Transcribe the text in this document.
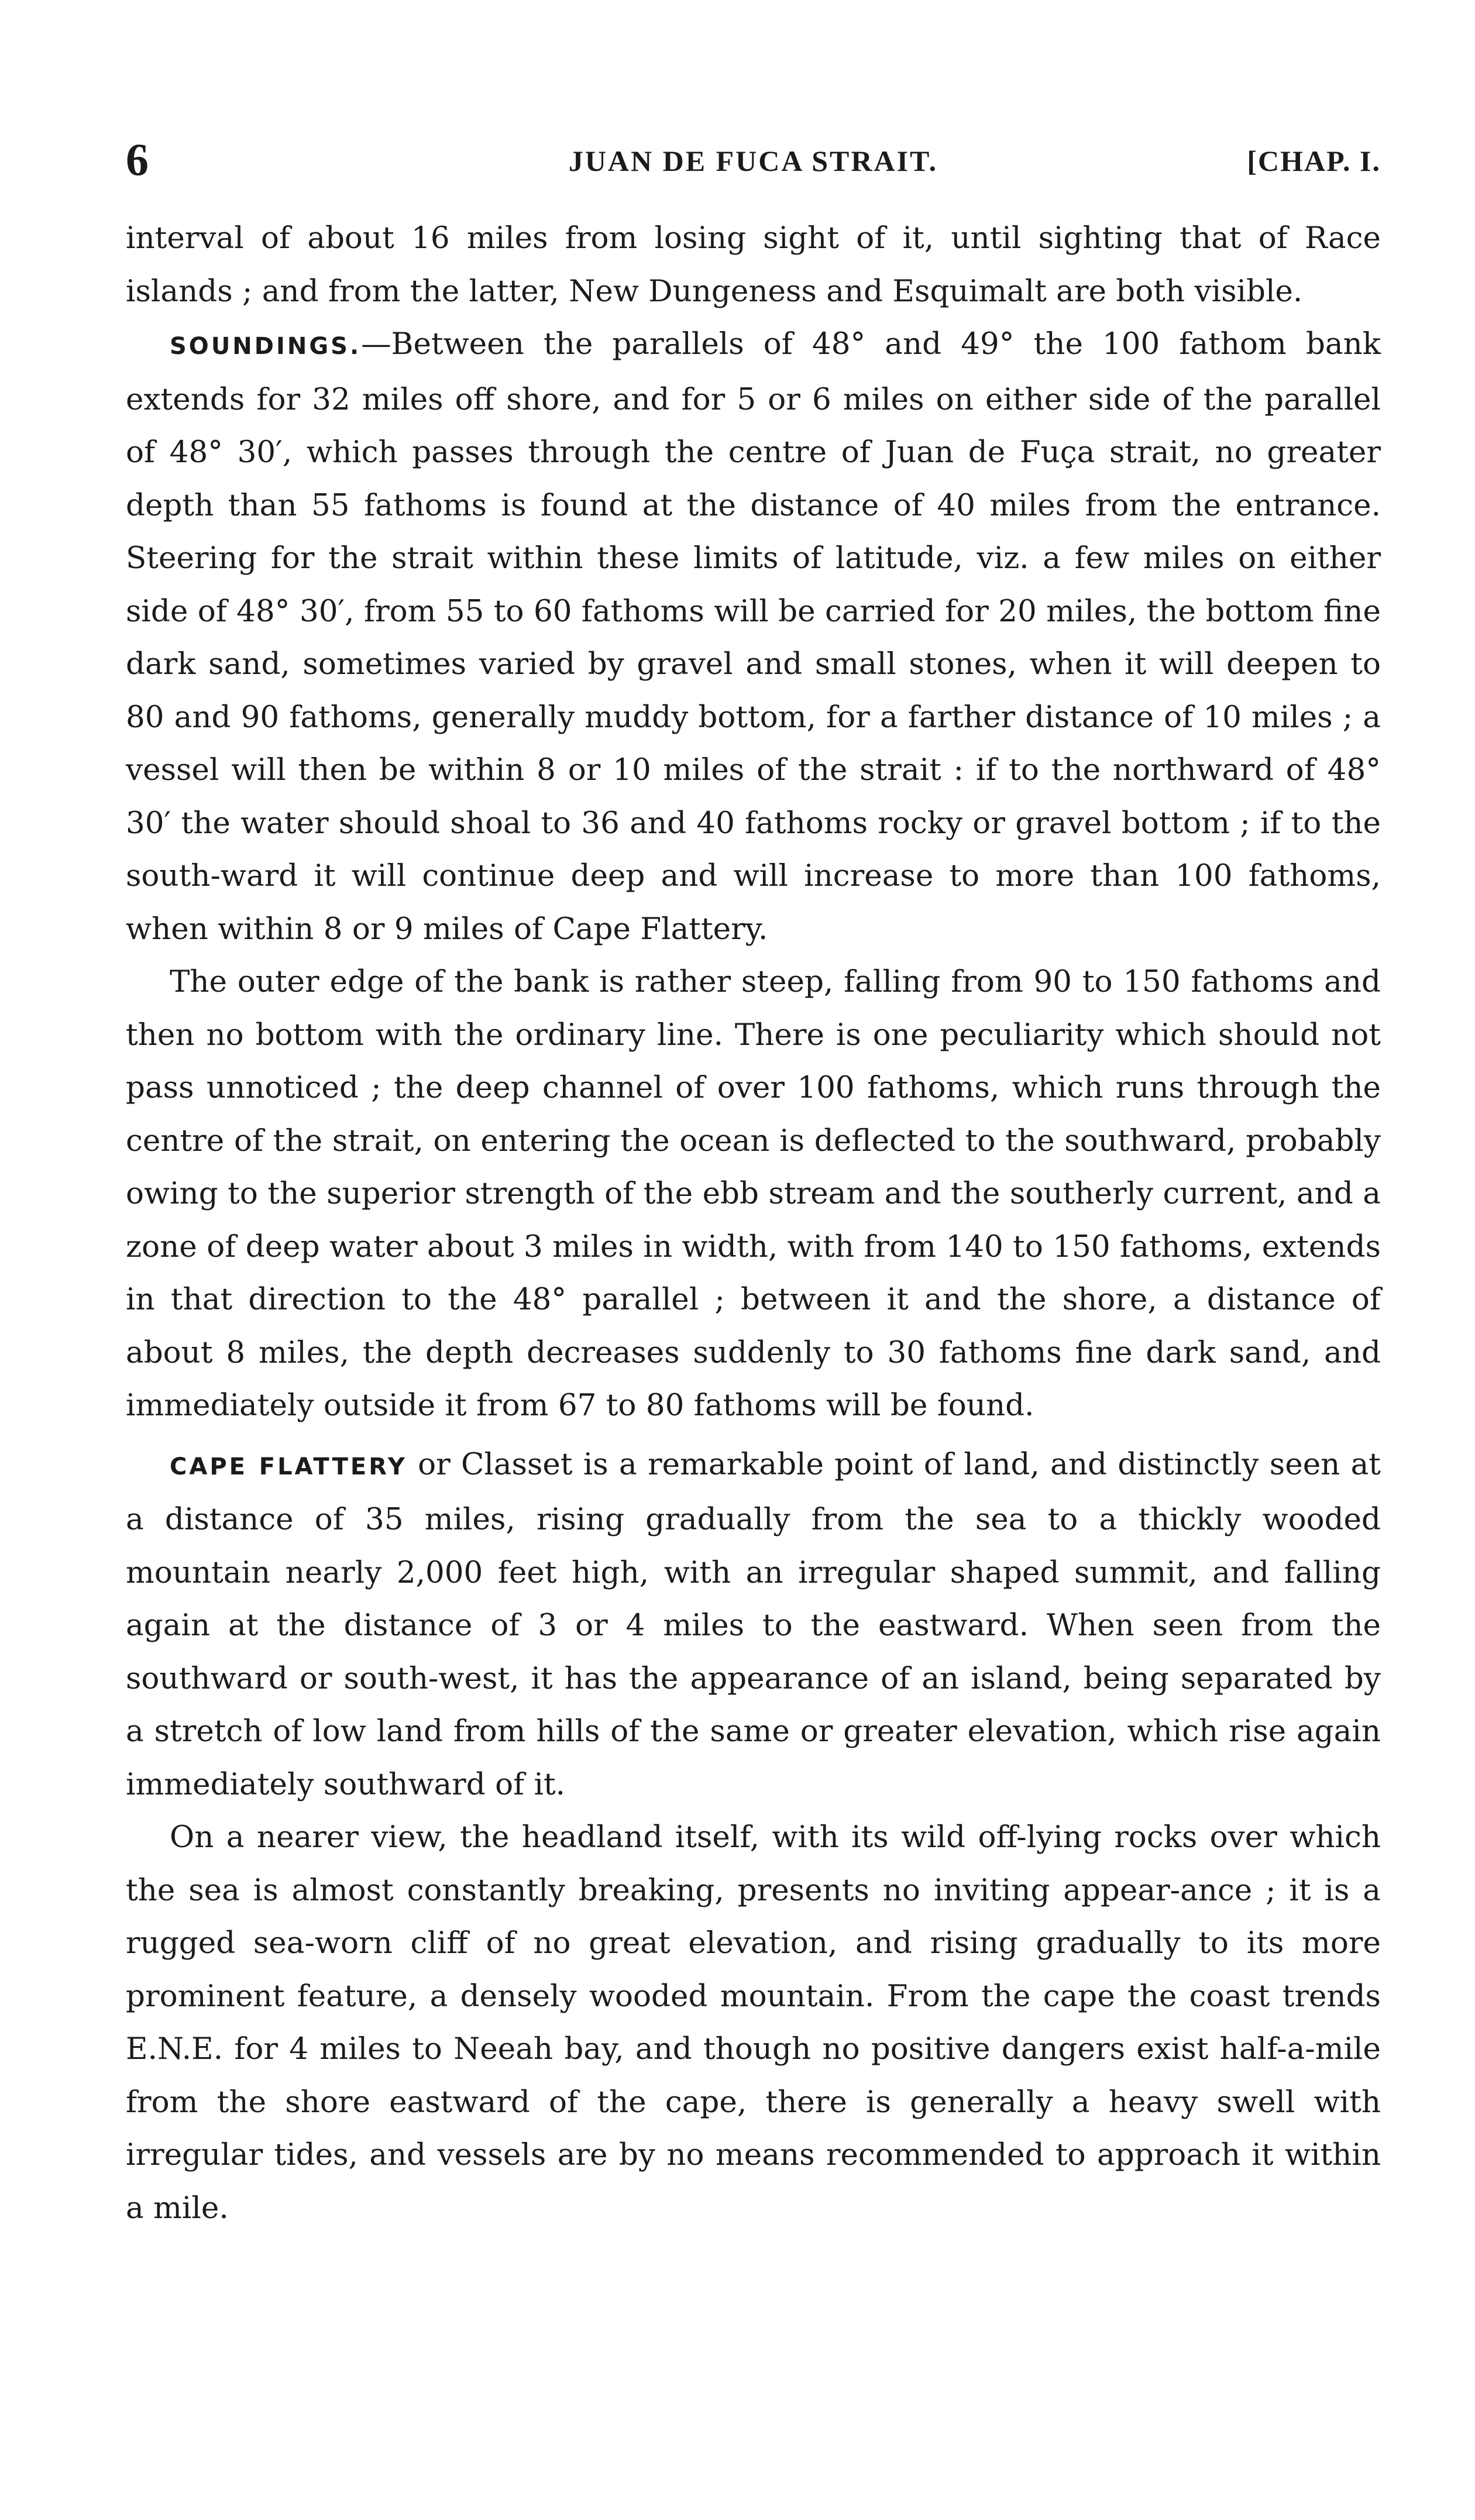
6	JUAN DE FUCA STRAIT.	[CHAP. I.

interval of about 16 miles from losing sight of it, until sighting that of Race islands ; and from the latter, New Dungeness and Esquimalt are both visible.

SOUNDINGS.—Between the parallels of 48° and 49° the 100 fathom bank extends for 32 miles off shore, and for 5 or 6 miles on either side of the parallel of 48° 30′, which passes through the centre of Juan de Fuça strait, no greater depth than 55 fathoms is found at the distance of 40 miles from the entrance. Steering for the strait within these limits of latitude, viz. a few miles on either side of 48° 30′, from 55 to 60 fathoms will be carried for 20 miles, the bottom fine dark sand, sometimes varied by gravel and small stones, when it will deepen to 80 and 90 fathoms, generally muddy bottom, for a farther distance of 10 miles ; a vessel will then be within 8 or 10 miles of the strait : if to the northward of 48° 30′ the water should shoal to 36 and 40 fathoms rocky or gravel bottom ; if to the south-ward it will continue deep and will increase to more than 100 fathoms, when within 8 or 9 miles of Cape Flattery.

The outer edge of the bank is rather steep, falling from 90 to 150 fathoms and then no bottom with the ordinary line. There is one peculiarity which should not pass unnoticed ; the deep channel of over 100 fathoms, which runs through the centre of the strait, on entering the ocean is deflected to the southward, probably owing to the superior strength of the ebb stream and the southerly current, and a zone of deep water about 3 miles in width, with from 140 to 150 fathoms, extends in that direction to the 48° parallel ; between it and the shore, a distance of about 8 miles, the depth decreases suddenly to 30 fathoms fine dark sand, and immediately outside it from 67 to 80 fathoms will be found.

CAPE FLATTERY or Classet is a remarkable point of land, and distinctly seen at a distance of 35 miles, rising gradually from the sea to a thickly wooded mountain nearly 2,000 feet high, with an irregular shaped summit, and falling again at the distance of 3 or 4 miles to the eastward. When seen from the southward or south-west, it has the appearance of an island, being separated by a stretch of low land from hills of the same or greater elevation, which rise again immediately southward of it.

On a nearer view, the headland itself, with its wild off-lying rocks over which the sea is almost constantly breaking, presents no inviting appear-ance ; it is a rugged sea-worn cliff of no great elevation, and rising gradually to its more prominent feature, a densely wooded mountain. From the cape the coast trends E.N.E. for 4 miles to Neeah bay, and though no positive dangers exist half-a-mile from the shore eastward of the cape, there is generally a heavy swell with irregular tides, and vessels are by no means recommended to approach it within a mile.
